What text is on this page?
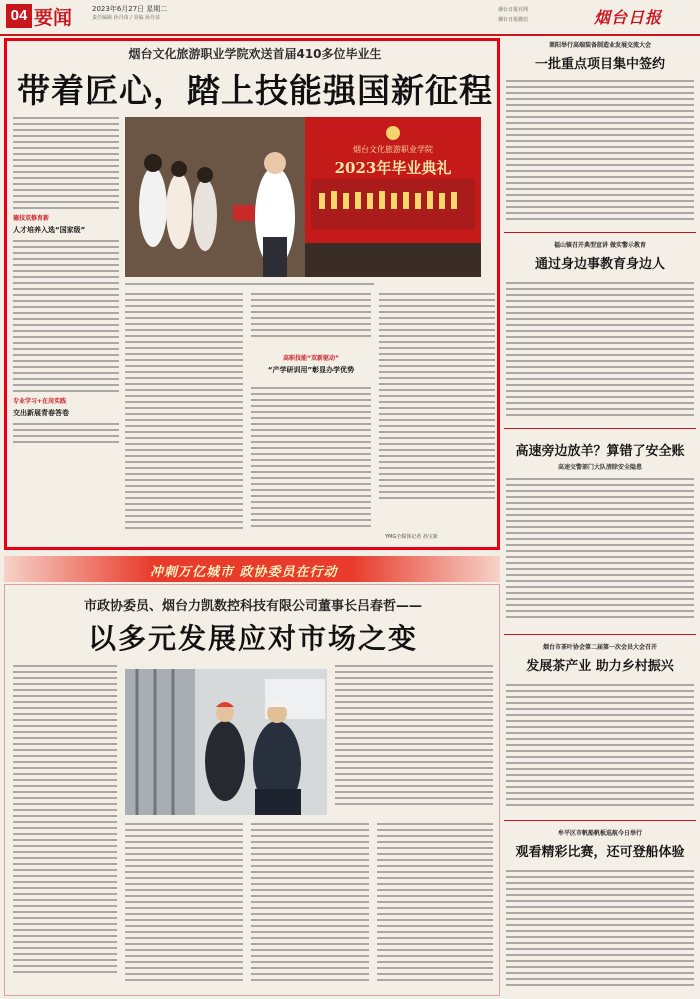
04 要闻	2023年6月27日 星期二
责任编辑 孙丹苗 / 美编 孙丹苗
烟台日报官网
烟台日报微信	烟台日报
烟台文化旅游职业学院欢送首届410多位毕业生
带着匠心，踏上技能强国新征程
德技双修育新
人才培养入选“国家级”
专业学习+在岗实践
交出新展青春答卷
烟台文化旅游职业学院
2023年毕业典礼
高职技能“双新驱动”
“产学研训用”彰显办学优势
YMG全媒体记者 孙宝新
冲刺万亿城市 政协委员在行动
市政协委员、烟台力凯数控科技有限公司董事长吕春哲——
以多元发展应对市场之变
莱阳举行高端装备制造业发展交流大会
一批重点项目集中签约
福山镇召开典型宣讲 做实警示教育
通过身边事教育身边人
高速旁边放羊？算错了安全账
高速交警部门大队清除安全隐患
烟台市茶叶协会第二届第一次会员大会召开
发展茶产业 助力乡村振兴
牟平区市帆船帆板巡航今日举行
观看精彩比赛，还可登船体验
